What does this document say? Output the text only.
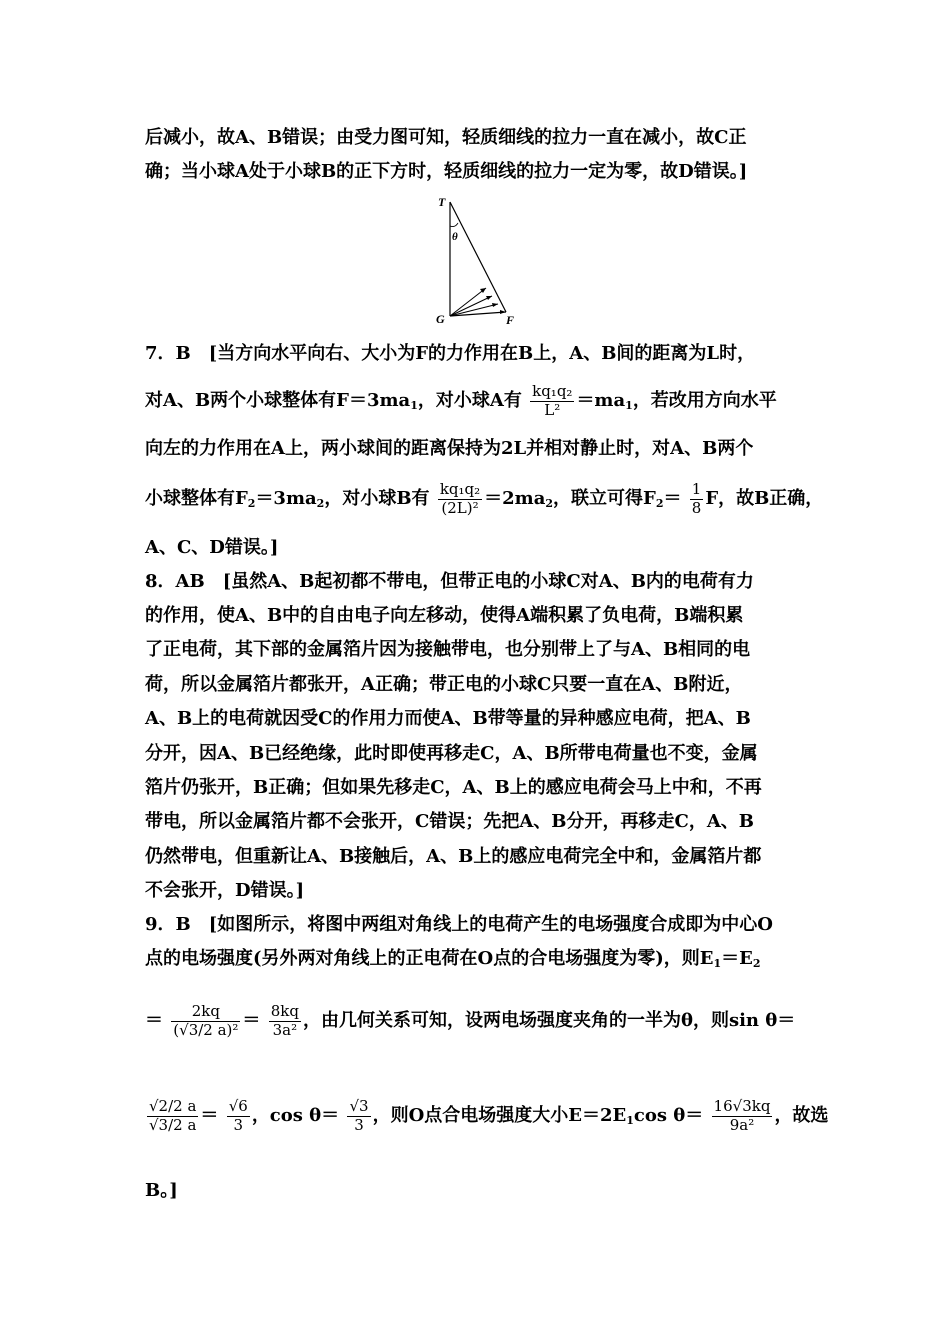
后减小，故A、B错误；由受力图可知，轻质细线的拉力一直在减小，故C正
确；当小球A处于小球B的正下方时，轻质细线的拉力一定为零，故D错误。]
T
θ
G	F
7．B　[当方向水平向右、大小为F的力作用在B上，A、B间的距离为L时，
对A、B两个小球整体有$F=3ma_1$，对小球A有 $\frac{\text{kq₁q₂}}{\text{L²}} =ma_1$，若改用方向水平
向左的力作用在A上，两小球间的距离保持为2L并相对静止时，对A、B两个
小球整体有$F_2=3ma_2$，对小球B有 $\frac{\text{kq₁q₂}}{\text{(2L)²}} =2ma_2$，联立可得$F_2= \frac{1}{8}$ F，故B正确，
A、C、D错误。]
8．AB　[虽然A、B起初都不带电，但带正电的小球C对A、B内的电荷有力
的作用，使A、B中的自由电子向左移动，使得A端积累了负电荷，B端积累
了正电荷，其下部的金属箔片因为接触带电，也分别带上了与A、B相同的电
荷，所以金属箔片都张开，A正确；带正电的小球C只要一直在A、B附近，
A、B上的电荷就因受C的作用力而使A、B带等量的异种感应电荷，把A、B
分开，因A、B已经绝缘，此时即使再移走C，A、B所带电荷量也不变，金属
箔片仍张开，B正确；但如果先移走C，A、B上的感应电荷会马上中和，不再
带电，所以金属箔片都不会张开，C错误；先把A、B分开，再移走C，A、B
仍然带电，但重新让A、B接触后，A、B上的感应电荷完全中和，金属箔片都
不会张开，D错误。]
9．B　[如图所示，将图中两组对角线上的电荷产生的电场强度合成即为中心O
点的电场强度(另外两对角线上的正电荷在O点的合电场强度为零)，则$E_1=E_2$
＝ $\frac{2kq}{\text{(√3/2 a)²}} = \frac{8kq}{\text{3a²}}$ ，由几何关系可知，设两电场强度夹角的一半为θ，则sin θ＝
$\frac{√2/2 a}{√3/2 a} = \frac{√6}{3}$ ，$\cos \theta= \frac{√3}{3}$ ，则O点合电场强度大小$E=2E_1\cos$ $\theta= \frac{16√3kq}{\text{9a²}}$ ，故选
B。]
